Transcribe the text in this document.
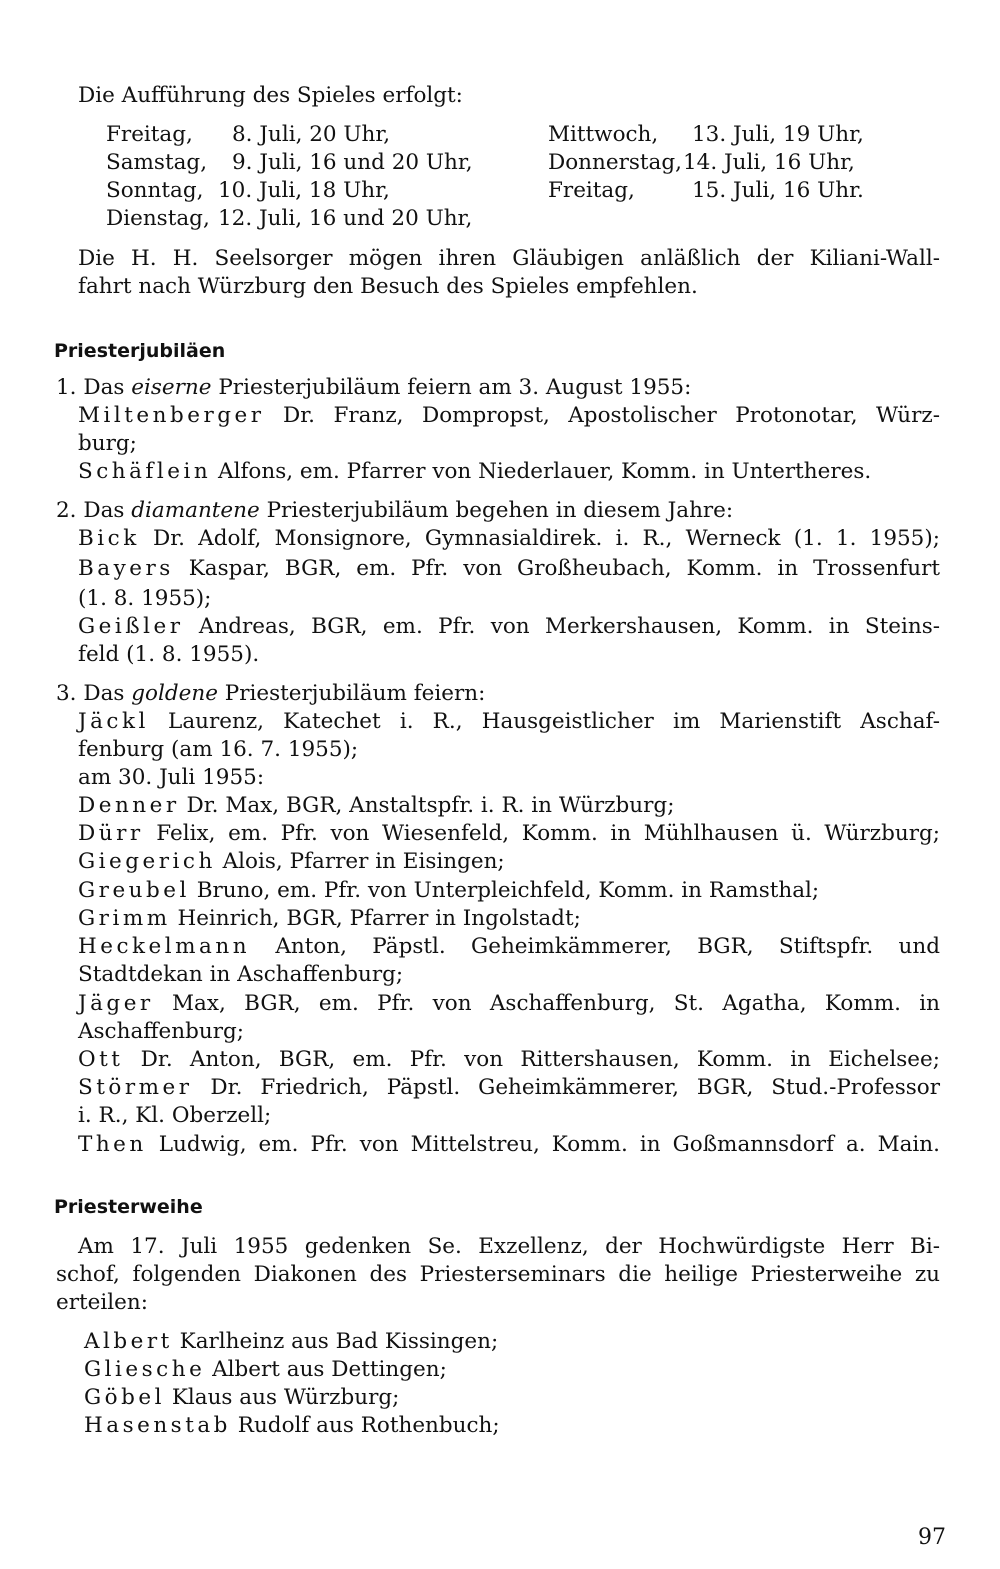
Die Aufführung des Spieles erfolgt:
Freitag, 8. Juli, 20 Uhr,
Samstag, 9. Juli, 16 und 20 Uhr,
Sonntag, 10. Juli, 18 Uhr,
Dienstag, 12. Juli, 16 und 20 Uhr,
Mittwoch, 13. Juli, 19 Uhr,
Donnerstag, 14. Juli, 16 Uhr,
Freitag,	15. Juli, 16 Uhr.
Die H. H. Seelsorger mögen ihren Gläubigen anläßlich der Kiliani-Wall-
fahrt nach Würzburg den Besuch des Spieles empfehlen.
Priesterjubiläen
1. Das eiserne Priesterjubiläum feiern am 3. August 1955:
Miltenberger Dr. Franz, Dompropst, Apostolischer Protonotar, Würz-
burg;
Schäflein Alfons, em. Pfarrer von Niederlauer, Komm. in Untertheres.
2. Das diamantene Priesterjubiläum begehen in diesem Jahre:
Bick Dr. Adolf, Monsignore, Gymnasialdirek. i. R., Werneck (1. 1. 1955);
Bayers Kaspar, BGR, em. Pfr. von Großheubach, Komm. in Trossenfurt
(1. 8. 1955);
Geißler Andreas, BGR, em. Pfr. von Merkershausen, Komm. in Steins-
feld (1. 8. 1955).
3. Das goldene Priesterjubiläum feiern:
Jäckl Laurenz, Katechet i. R., Hausgeistlicher im Marienstift Aschaf-
fenburg (am 16. 7. 1955);
am 30. Juli 1955:
Denner Dr. Max, BGR, Anstaltspfr. i. R. in Würzburg;
Dürr Felix, em. Pfr. von Wiesenfeld, Komm. in Mühlhausen ü. Würzburg;
Giegerich Alois, Pfarrer in Eisingen;
Greubel Bruno, em. Pfr. von Unterpleichfeld, Komm. in Ramsthal;
Grimm Heinrich, BGR, Pfarrer in Ingolstadt;
Heckelmann Anton, Päpstl. Geheimkämmerer, BGR, Stiftspfr. und
Stadtdekan in Aschaffenburg;
Jäger Max, BGR, em. Pfr. von Aschaffenburg, St. Agatha, Komm. in
Aschaffenburg;
Ott Dr. Anton, BGR, em. Pfr. von Rittershausen, Komm. in Eichelsee;
Störmer Dr. Friedrich, Päpstl. Geheimkämmerer, BGR, Stud.-Professor
i. R., Kl. Oberzell;
Then Ludwig, em. Pfr. von Mittelstreu, Komm. in Goßmannsdorf a. Main.
Priesterweihe
Am 17. Juli 1955 gedenken Se. Exzellenz, der Hochwürdigste Herr Bi-
schof, folgenden Diakonen des Priesterseminars die heilige Priesterweihe zu
erteilen:
Albert Karlheinz aus Bad Kissingen;
Gliesche Albert aus Dettingen;
Göbel Klaus aus Würzburg;
Hasenstab Rudolf aus Rothenbuch;
97
